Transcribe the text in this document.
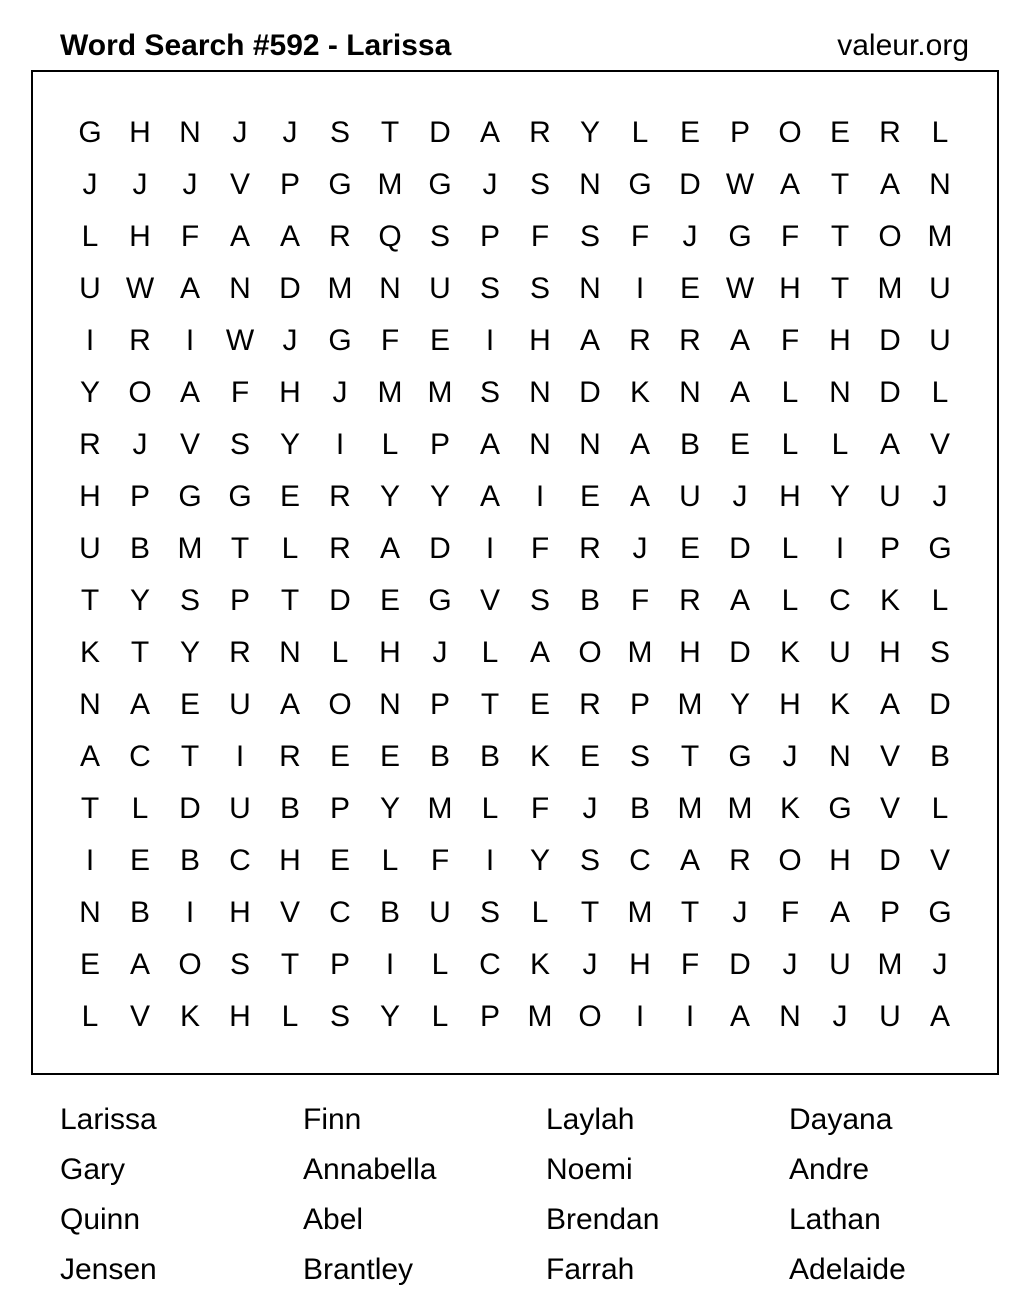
Word Search #592 - Larissa	valeur.org
G H N	J	J	S	T	D A R Y	L	E P O E R	L
J	J	J	V P G M G	J	S N G D W A	T	A N
L	H	F	A A R Q S P	F	S	F	J	G F	T O M
U W A N D M N U S S N	I	E W H	T M U
I	R	I	W J	G F	E	I	H A R R A	F	H D U
Y O A	F	H	J	M M S N D K N A	L	N D	L
R	J	V S Y	I	L	P A N N A B E	L	L	A V
H P G G E R Y Y A	I	E A U	J	H Y U	J
U B M T	L	R A D	I	F	R	J	E D	L	I	P G
T	Y S P	T	D E G V S B	F	R A	L	C K	L
K	T	Y R N	L	H	J	L	A O M H D K U H S
N A E U A O N P	T	E R P M Y H K A D
A C	T	I	R E E B B K E S	T G	J	N V B
T	L	D U B P Y M L	F	J	B M M K G V	L
I	E B C H E	L	F	I	Y S C A R O H D V
N B	I	H V C B U S	L	T M T	J	F	A P G
E A O S	T	P	I	L	C K	J	H	F	D	J	U M	J
L	V K H	L	S Y	L	P M O	I	I	A N	J	U A
Larissa	Finn	Laylah	Dayana
Gary	Annabella	Noemi	Andre
Quinn	Abel	Brendan	Lathan
Jensen	Brantley	Farrah	Adelaide
